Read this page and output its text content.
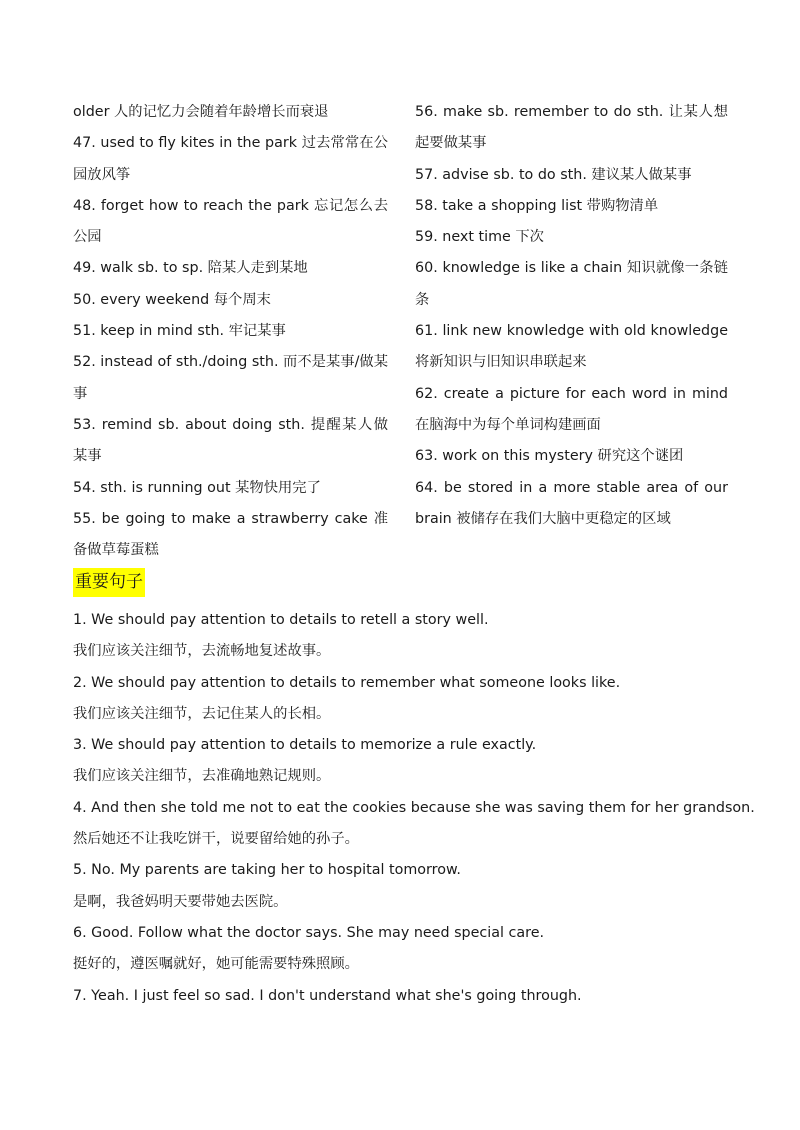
older 人的记忆力会随着年龄增长而衰退

47. used to fly kites in the park 过去常常在公园放风筝

48. forget how to reach the park 忘记怎么去公园

49. walk sb. to sp. 陪某人走到某地

50. every weekend 每个周末

51. keep in mind sth. 牢记某事

52. instead of sth./doing sth. 而不是某事/做某事

53. remind sb. about doing sth. 提醒某人做某事

54. sth. is running out 某物快用完了

55. be going to make a strawberry cake 准备做草莓蛋糕

56. make sb. remember to do sth. 让某人想起要做某事

57. advise sb. to do sth. 建议某人做某事

58. take a shopping list 带购物清单

59. next time 下次

60. knowledge is like a chain 知识就像一条链条

61. link new knowledge with old knowledge 将新知识与旧知识串联起来

62. create a picture for each word in mind 在脑海中为每个单词构建画面

63. work on this mystery 研究这个谜团

64. be stored in a more stable area of our brain 被储存在我们大脑中更稳定的区域

重要句子

1. We should pay attention to details to retell a story well.

我们应该关注细节，去流畅地复述故事。

2. We should pay attention to details to remember what someone looks like.

我们应该关注细节，去记住某人的长相。

3. We should pay attention to details to memorize a rule exactly.

我们应该关注细节，去准确地熟记规则。

4. And then she told me not to eat the cookies because she was saving them for her grandson.

然后她还不让我吃饼干，说要留给她的孙子。

5. No. My parents are taking her to hospital tomorrow.

是啊，我爸妈明天要带她去医院。

6. Good. Follow what the doctor says. She may need special care.

挺好的，遵医嘱就好，她可能需要特殊照顾。

7. Yeah. I just feel so sad. I don't understand what she's going through.
